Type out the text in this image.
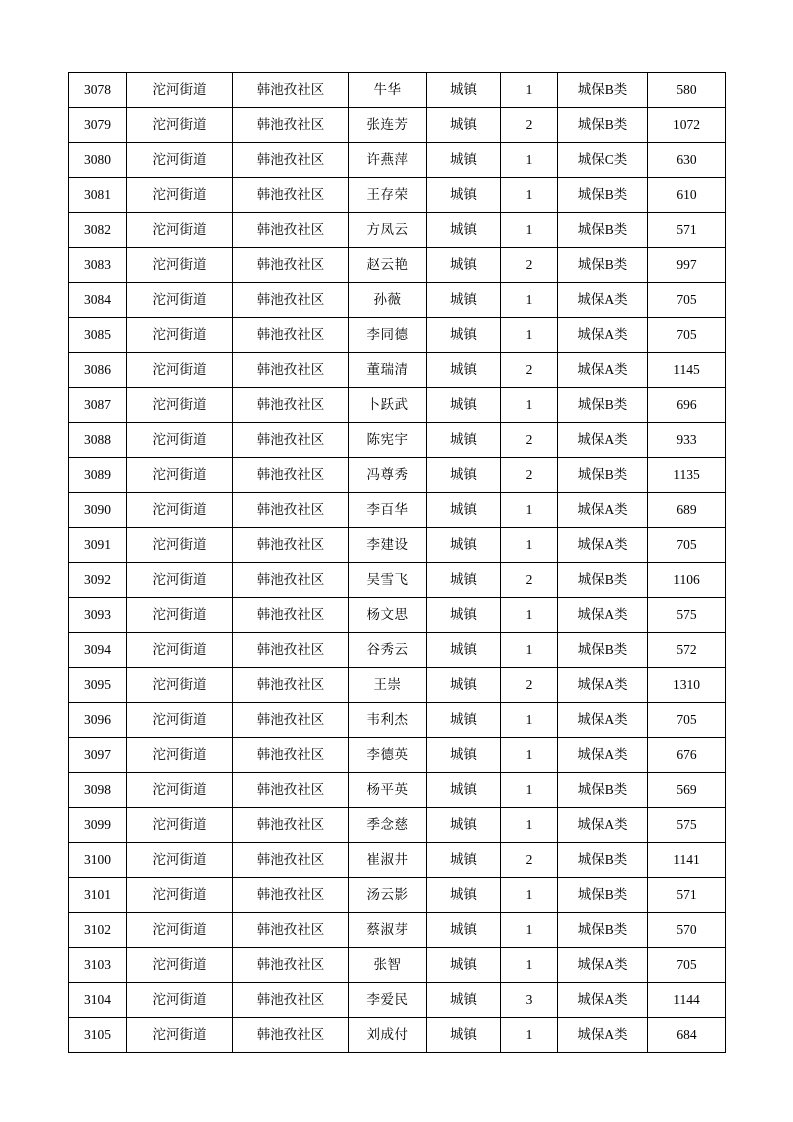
3078	沱河街道	韩池孜社区	牛华	城镇	1	城保B类	580
3079	沱河街道	韩池孜社区	张连芳	城镇	2	城保B类	1072
3080	沱河街道	韩池孜社区	许燕萍	城镇	1	城保C类	630
3081	沱河街道	韩池孜社区	王存荣	城镇	1	城保B类	610
3082	沱河街道	韩池孜社区	方凤云	城镇	1	城保B类	571
3083	沱河街道	韩池孜社区	赵云艳	城镇	2	城保B类	997
3084	沱河街道	韩池孜社区	孙薇	城镇	1	城保A类	705
3085	沱河街道	韩池孜社区	李同德	城镇	1	城保A类	705
3086	沱河街道	韩池孜社区	董瑞清	城镇	2	城保A类	1145
3087	沱河街道	韩池孜社区	卜跃武	城镇	1	城保B类	696
3088	沱河街道	韩池孜社区	陈宪宇	城镇	2	城保A类	933
3089	沱河街道	韩池孜社区	冯尊秀	城镇	2	城保B类	1135
3090	沱河街道	韩池孜社区	李百华	城镇	1	城保A类	689
3091	沱河街道	韩池孜社区	李建设	城镇	1	城保A类	705
3092	沱河街道	韩池孜社区	吴雪飞	城镇	2	城保B类	1106
3093	沱河街道	韩池孜社区	杨文思	城镇	1	城保A类	575
3094	沱河街道	韩池孜社区	谷秀云	城镇	1	城保B类	572
3095	沱河街道	韩池孜社区	王崇	城镇	2	城保A类	1310
3096	沱河街道	韩池孜社区	韦利杰	城镇	1	城保A类	705
3097	沱河街道	韩池孜社区	李德英	城镇	1	城保A类	676
3098	沱河街道	韩池孜社区	杨平英	城镇	1	城保B类	569
3099	沱河街道	韩池孜社区	季念慈	城镇	1	城保A类	575
3100	沱河街道	韩池孜社区	崔淑井	城镇	2	城保B类	1141
3101	沱河街道	韩池孜社区	汤云影	城镇	1	城保B类	571
3102	沱河街道	韩池孜社区	蔡淑芽	城镇	1	城保B类	570
3103	沱河街道	韩池孜社区	张智	城镇	1	城保A类	705
3104	沱河街道	韩池孜社区	李爱民	城镇	3	城保A类	1144
3105	沱河街道	韩池孜社区	刘成付	城镇	1	城保A类	684
